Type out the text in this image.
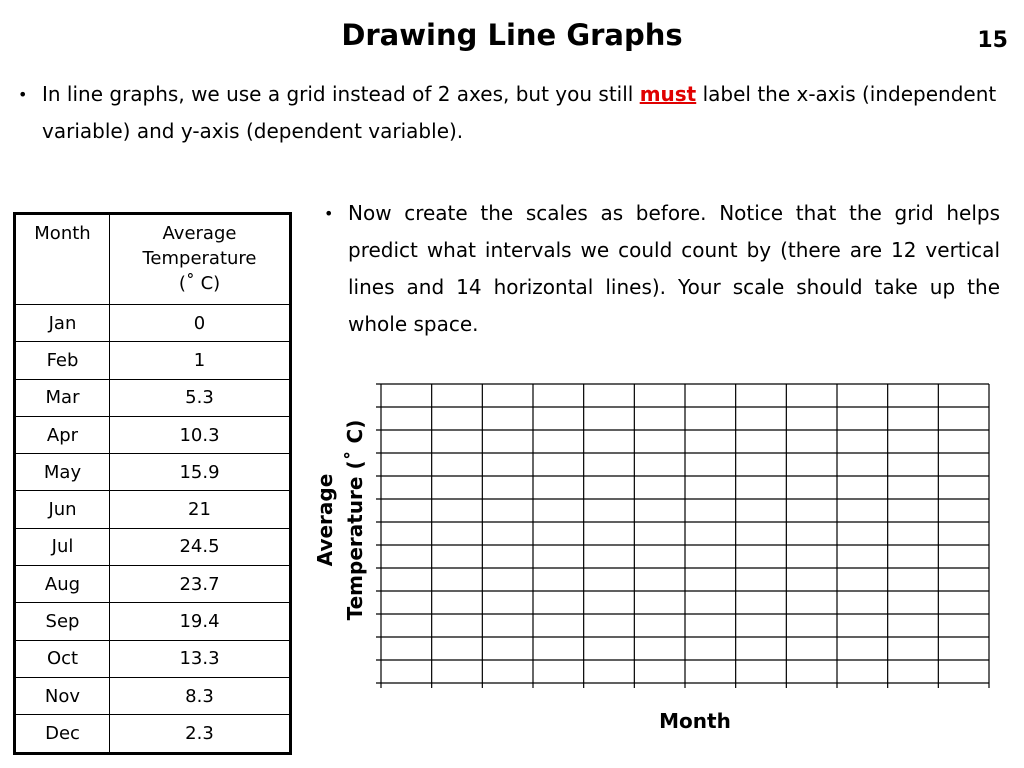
Drawing Line Graphs	15
• In line graphs, we use a grid instead of 2 axes, but you still must label the x-axis (independent variable) and y-axis (dependent variable).
• Now create the scales as before. Notice that the grid helps predict what intervals we could count by (there are 12 vertical lines and 14 horizontal lines). Your scale should take up the whole space.
Month	Average Temperature (˚ C)

Jan	0
Feb	1
Mar	5.3
Apr	10.3
May	15.9
Jun	21
Jul	24.5
Aug	23.7
Sep	19.4
Oct	13.3
Nov	8.3
Dec	2.3
Average Temperature (˚ C)
Month
